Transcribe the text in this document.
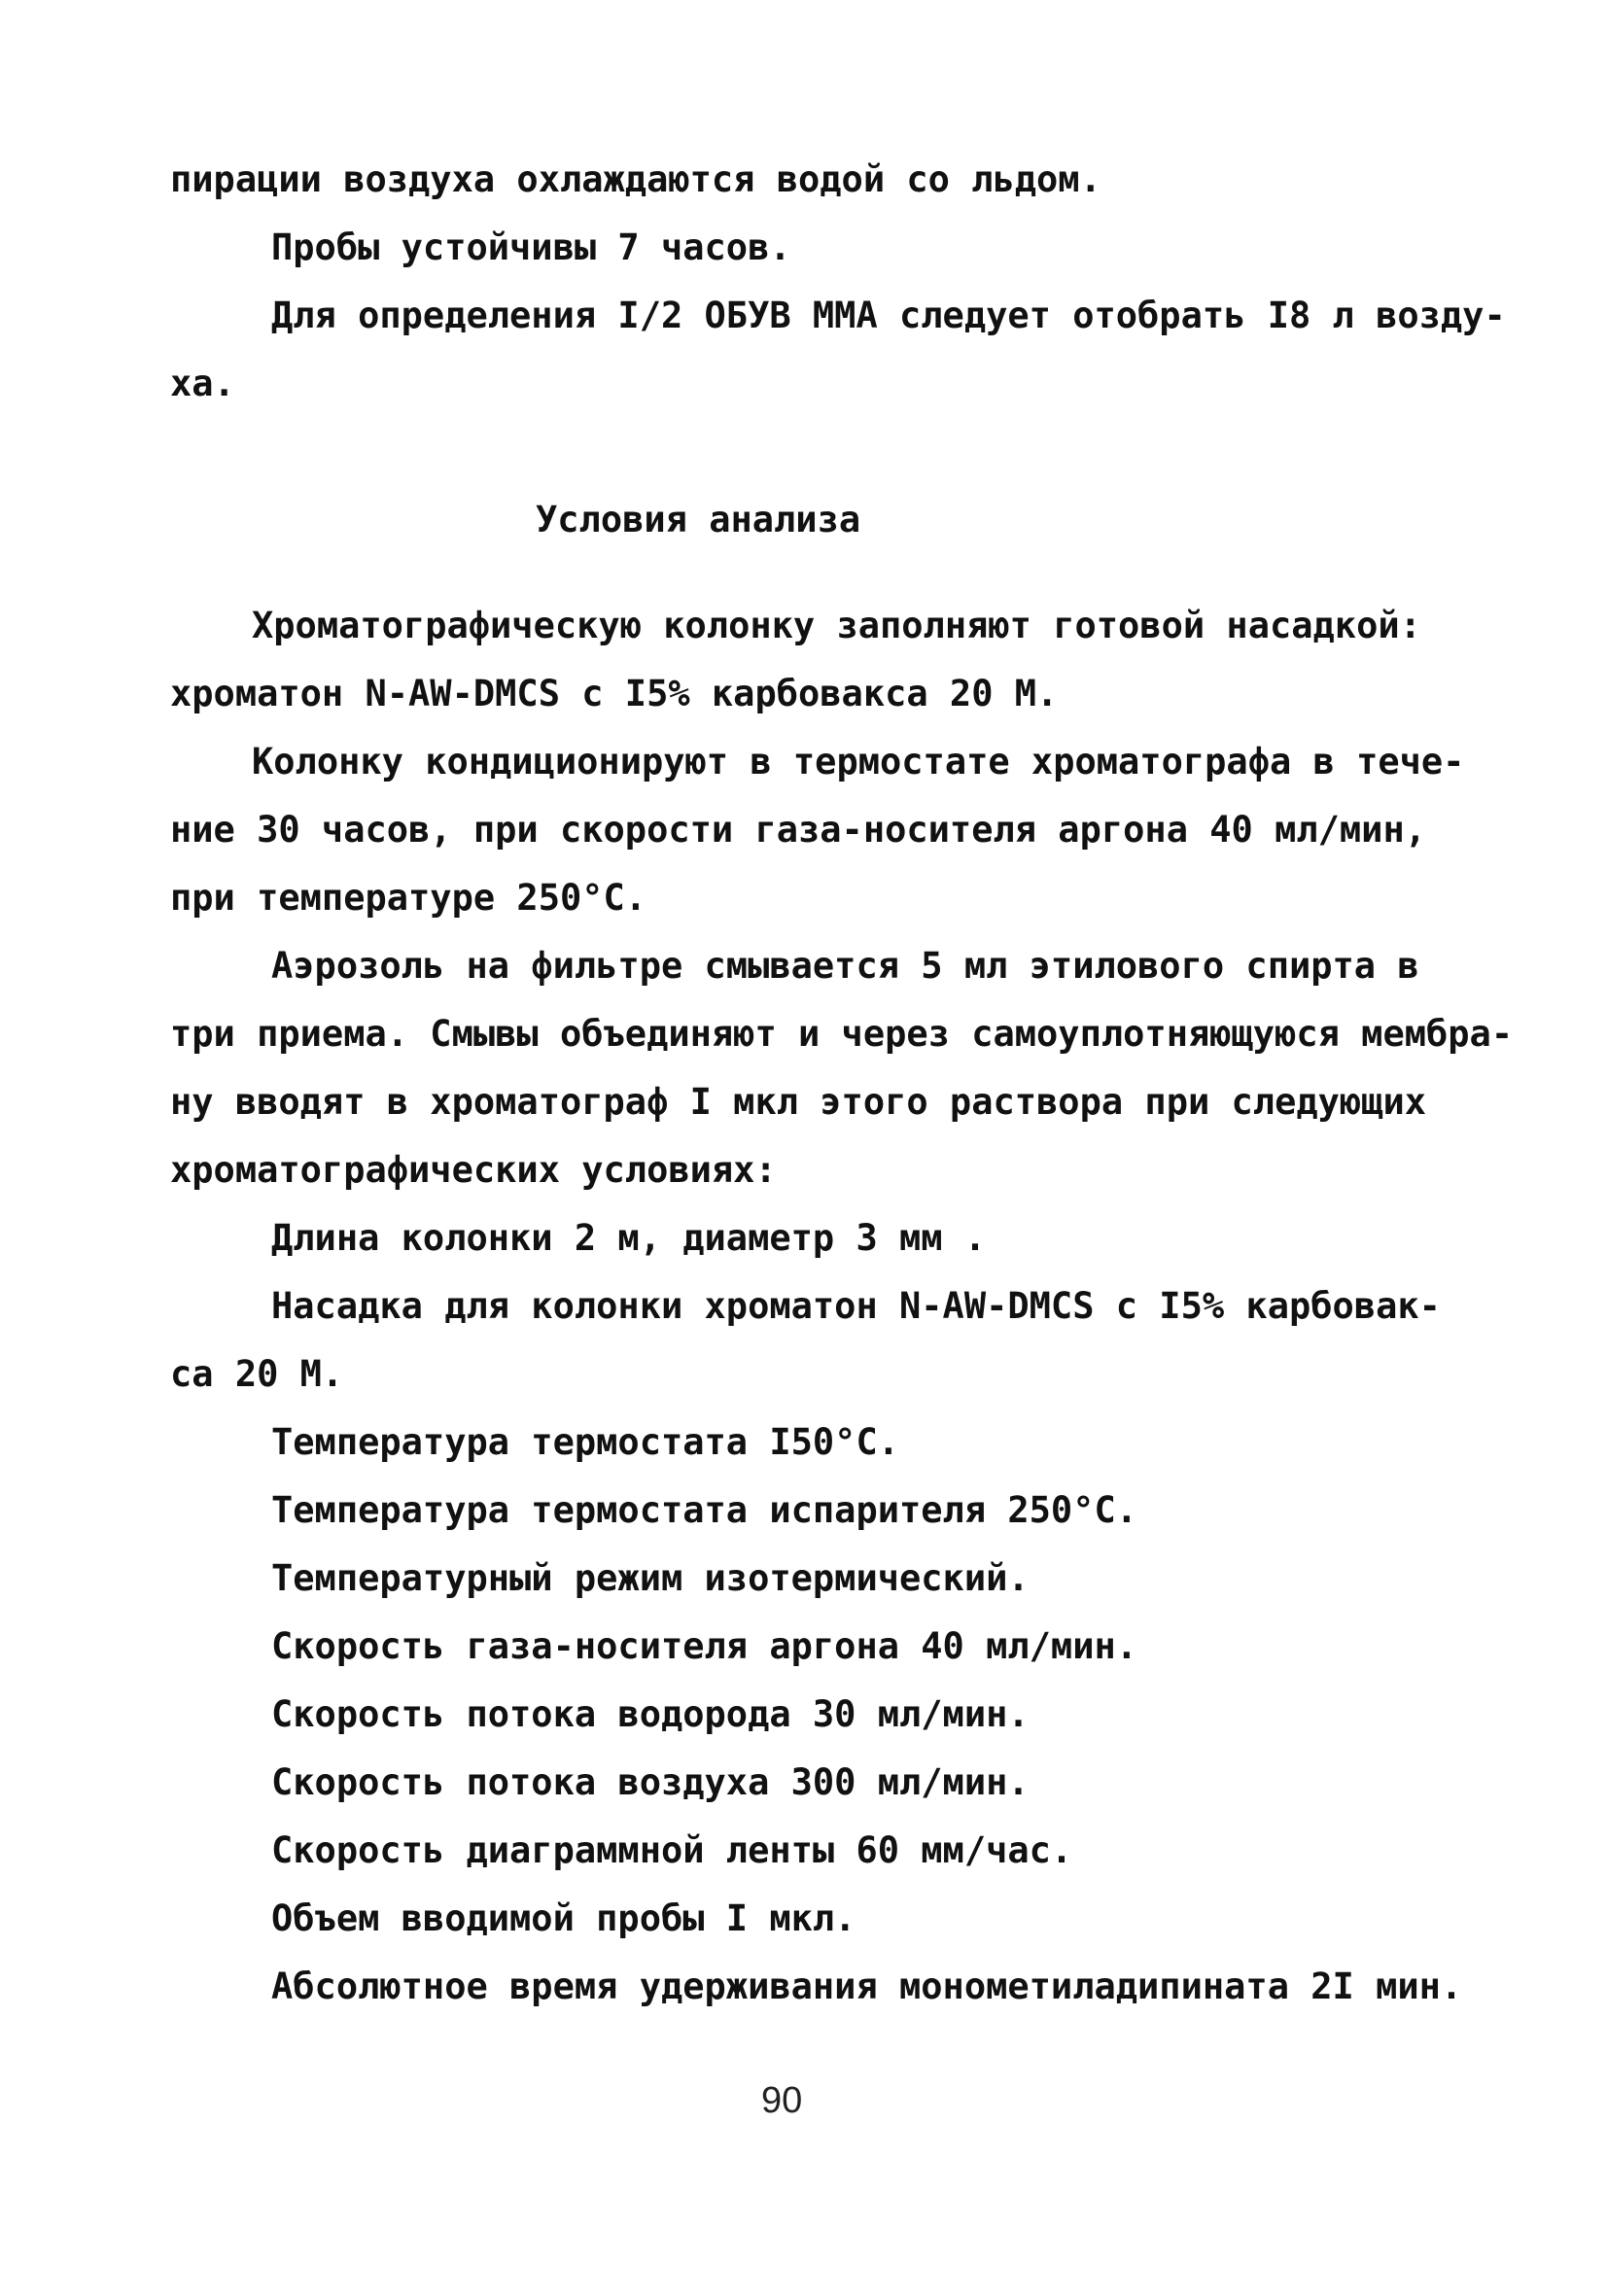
пирации воздуха охлаждаются водой со льдом.
Пробы устойчивы 7 часов.
Для определения I/2 ОБУВ ММА следует отобрать I8 л возду-
ха.
Условия анализа
Хроматографическую колонку заполняют готовой насадкой:
хроматон N-AW-DMCS с I5% карбовакса 20 М.
Колонку кондиционируют в термостате хроматографа в тече-
ние 30 часов, при скорости газа-носителя аргона 40 мл/мин,
при температуре 250°С.
Аэрозоль на фильтре смывается 5 мл этилового спирта в
три приема. Смывы объединяют и через самоуплотняющуюся мембра-
ну вводят в хроматограф I мкл этого раствора при следующих
хроматографических условиях:
Длина колонки 2 м, диаметр 3 мм .
Насадка для колонки хроматон N-AW-DMCS с I5% карбовак-
са 20 М.
Температура термостата I50°С.
Температура термостата испарителя 250°С.
Температурный режим изотермический.
Скорость газа-носителя аргона 40 мл/мин.
Скорость потока водорода 30 мл/мин.
Скорость потока воздуха 300 мл/мин.
Скорость диаграммной ленты 60 мм/час.
Объем вводимой пробы I мкл.
Абсолютное время удерживания монометиладипината 2I мин.
90
